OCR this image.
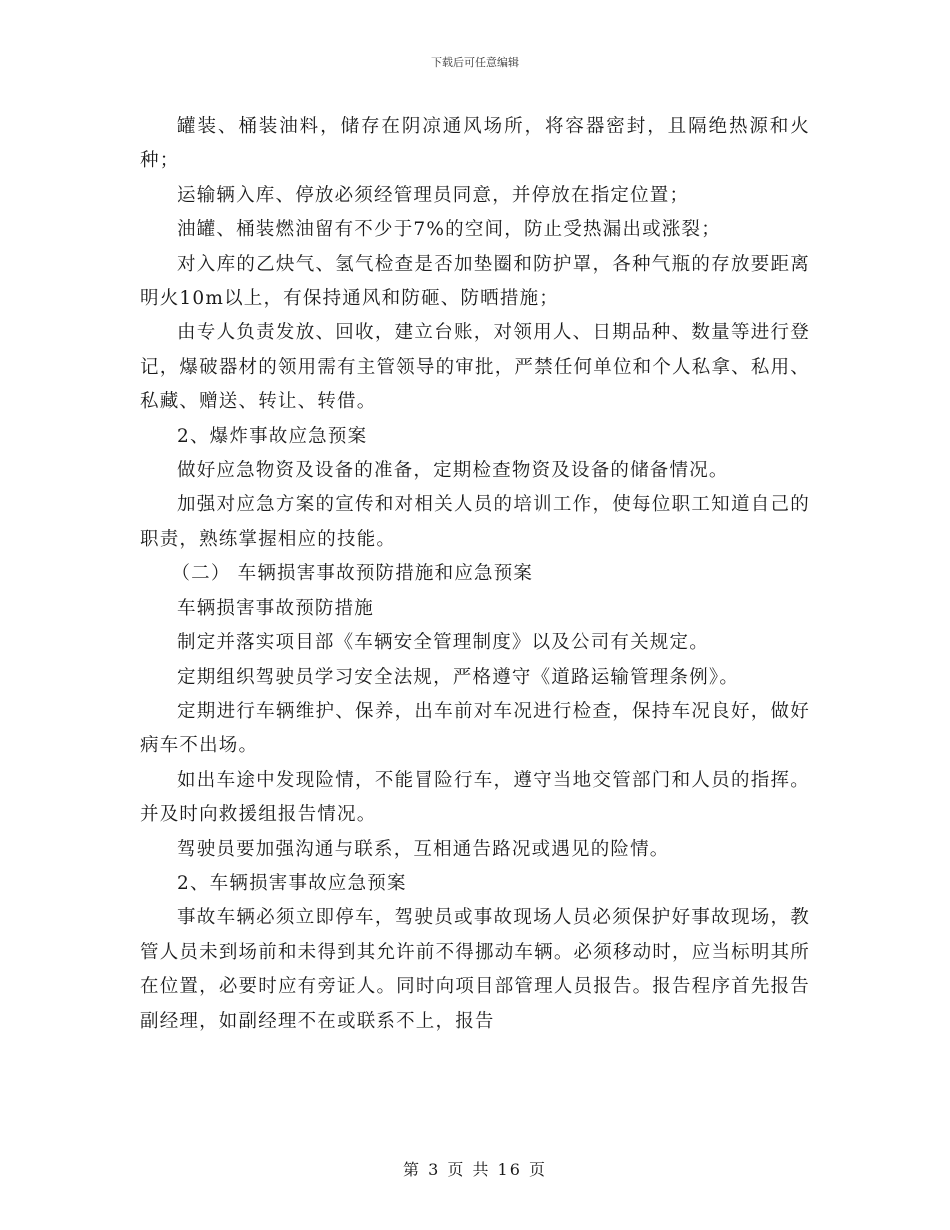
下载后可任意编辑

罐装、桶装油料，储存在阴凉通风场所，将容器密封，且隔绝热源和火种；

运输辆入库、停放必须经管理员同意，并停放在指定位置；

油罐、桶装燃油留有不少于7%的空间，防止受热漏出或涨裂；

对入库的乙炔气、氢气检查是否加垫圈和防护罩，各种气瓶的存放要距离明火10m以上，有保持通风和防砸、防晒措施；

由专人负责发放、回收，建立台账，对领用人、日期品种、数量等进行登记，爆破器材的领用需有主管领导的审批，严禁任何单位和个人私拿、私用、私藏、赠送、转让、转借。

2、爆炸事故应急预案

做好应急物资及设备的准备，定期检查物资及设备的储备情况。

加强对应急方案的宣传和对相关人员的培训工作，使每位职工知道自己的职责，熟练掌握相应的技能。

（二） 车辆损害事故预防措施和应急预案

车辆损害事故预防措施

制定并落实项目部《车辆安全管理制度》以及公司有关规定。

定期组织驾驶员学习安全法规，严格遵守《道路运输管理条例》。

定期进行车辆维护、保养，出车前对车况进行检查，保持车况良好，做好病车不出场。

如出车途中发现险情，不能冒险行车，遵守当地交管部门和人员的指挥。并及时向救援组报告情况。

驾驶员要加强沟通与联系，互相通告路况或遇见的险情。

2、车辆损害事故应急预案

事故车辆必须立即停车，驾驶员或事故现场人员必须保护好事故现场，教管人员未到场前和未得到其允许前不得挪动车辆。必须移动时，应当标明其所在位置，必要时应有旁证人。同时向项目部管理人员报告。报告程序首先报告副经理，如副经理不在或联系不上，报告

第 3 页 共 16 页
